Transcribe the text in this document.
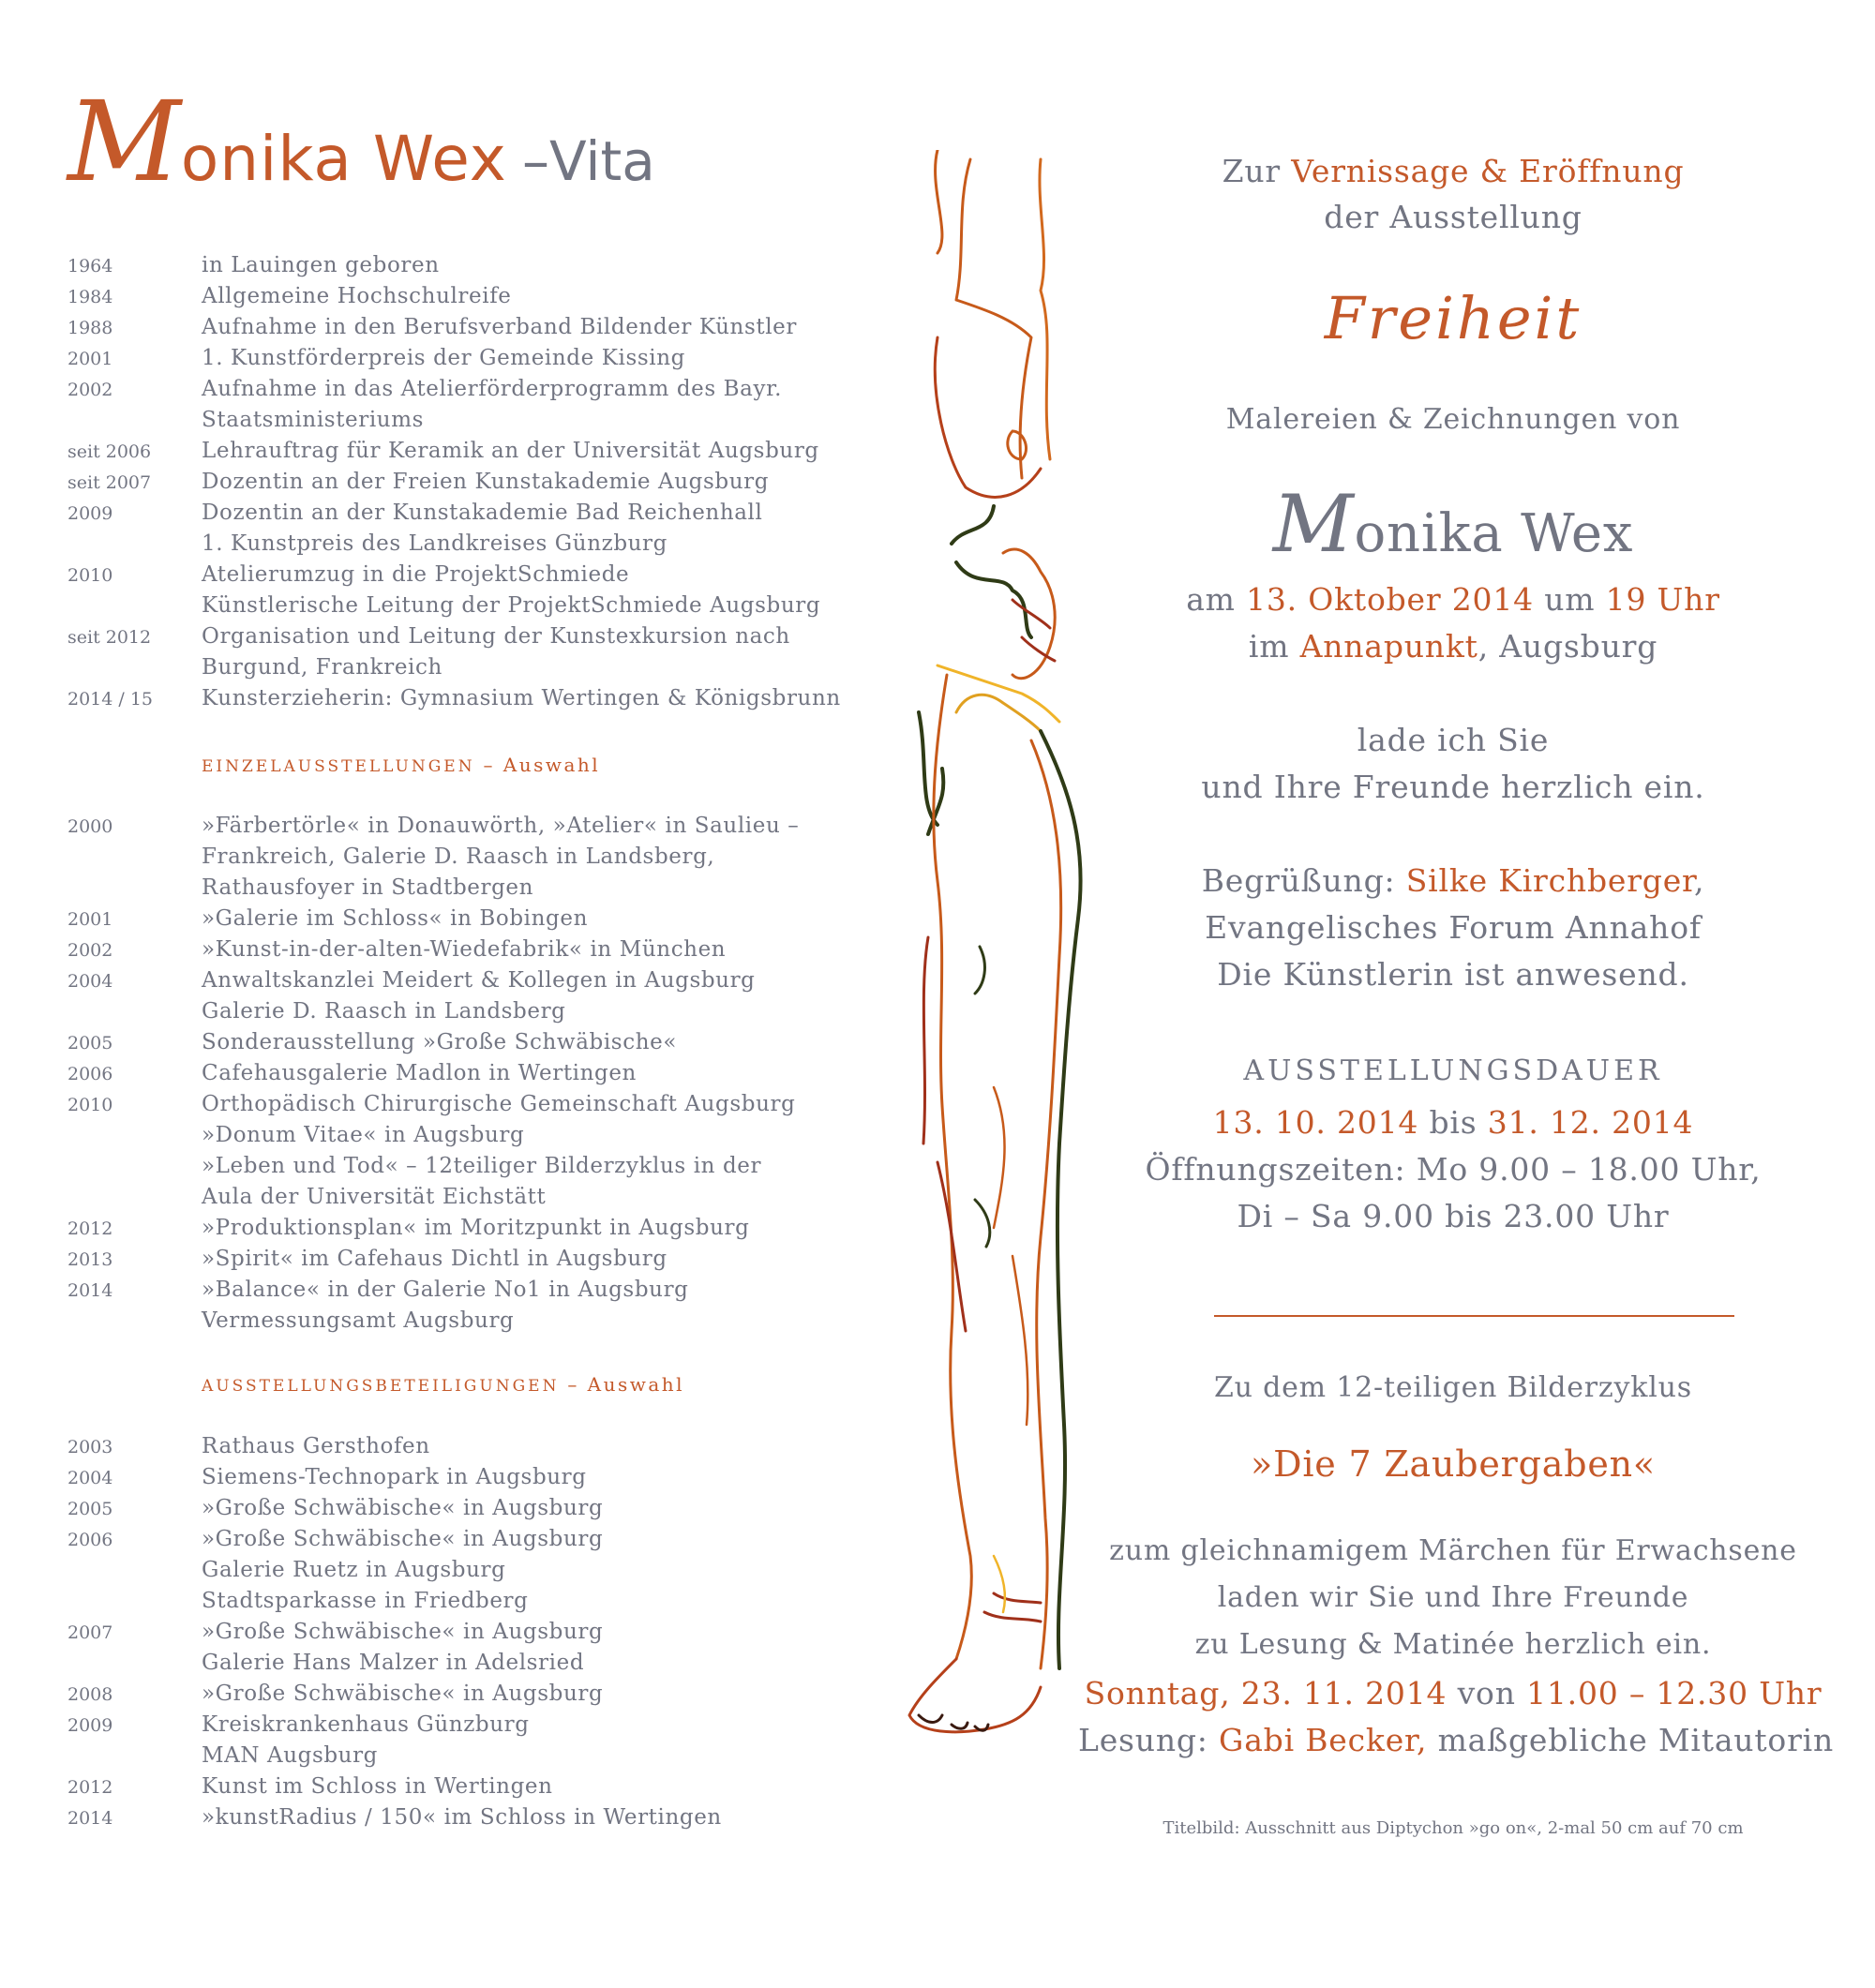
Monika Wex –Vita
1964	in Lauingen geboren
1984	Allgemeine Hochschulreife
1988	Aufnahme in den Berufsverband Bildender Künstler
2001	1. Kunstförderpreis der Gemeinde Kissing
2002	Aufnahme in das Atelierförderprogramm des Bayr.
Staatsministeriums
seit 2006	Lehrauftrag für Keramik an der Universität Augsburg
seit 2007	Dozentin an der Freien Kunstakademie Augsburg
2009	Dozentin an der Kunstakademie Bad Reichenhall
1. Kunstpreis des Landkreises Günzburg
2010	Atelierumzug in die ProjektSchmiede
Künstlerische Leitung der ProjektSchmiede Augsburg
seit 2012	Organisation und Leitung der Kunstexkursion nach
Burgund, Frankreich
2014 / 15	Kunsterzieherin: Gymnasium Wertingen & Königsbrunn
EINZELAUSSTELLUNGEN – Auswahl
2000	»Färbertörle« in Donauwörth, »Atelier« in Saulieu –
Frankreich, Galerie D. Raasch in Landsberg,
Rathausfoyer in Stadtbergen
2001	»Galerie im Schloss« in Bobingen
2002	»Kunst-in-der-alten-Wiedefabrik« in München
2004	Anwaltskanzlei Meidert & Kollegen in Augsburg
Galerie D. Raasch in Landsberg
2005	Sonderausstellung »Große Schwäbische«
2006	Cafehausgalerie Madlon in Wertingen
2010	Orthopädisch Chirurgische Gemeinschaft Augsburg
»Donum Vitae« in Augsburg
»Leben und Tod« – 12teiliger Bilderzyklus in der
Aula der Universität Eichstätt
2012	»Produktionsplan« im Moritzpunkt in Augsburg
2013	»Spirit« im Cafehaus Dichtl in Augsburg
2014	»Balance« in der Galerie No1 in Augsburg
Vermessungsamt Augsburg
AUSSTELLUNGSBETEILIGUNGEN – Auswahl
2003	Rathaus Gersthofen
2004	Siemens-Technopark in Augsburg
2005	»Große Schwäbische« in Augsburg
2006	»Große Schwäbische« in Augsburg
Galerie Ruetz in Augsburg
Stadtsparkasse in Friedberg
2007	»Große Schwäbische« in Augsburg
Galerie Hans Malzer in Adelsried
2008	»Große Schwäbische« in Augsburg
2009	Kreiskrankenhaus Günzburg
MAN Augsburg
2012	Kunst im Schloss in Wertingen
2014	»kunstRadius / 150« im Schloss in Wertingen
Zur Vernissage & Eröffnung
der Ausstellung
Freiheit
Malereien & Zeichnungen von
Monika Wex
am 13. Oktober 2014 um 19 Uhr
im Annapunkt, Augsburg
lade ich Sie
und Ihre Freunde herzlich ein.
Begrüßung: Silke Kirchberger,
Evangelisches Forum Annahof
Die Künstlerin ist anwesend.
AUSSTELLUNGSDAUER
13. 10. 2014 bis 31. 12. 2014
Öffnungszeiten: Mo 9.00 – 18.00 Uhr,
Di – Sa 9.00 bis 23.00 Uhr
Zu dem 12-teiligen Bilderzyklus
»Die 7 Zaubergaben«
zum gleichnamigem Märchen für Erwachsene
laden wir Sie und Ihre Freunde
zu Lesung & Matinée herzlich ein.
Sonntag, 23. 11. 2014 von 11.00 – 12.30 Uhr
Lesung: Gabi Becker, maßgebliche Mitautorin
Titelbild: Ausschnitt aus Diptychon »go on«, 2-mal 50 cm auf 70 cm
